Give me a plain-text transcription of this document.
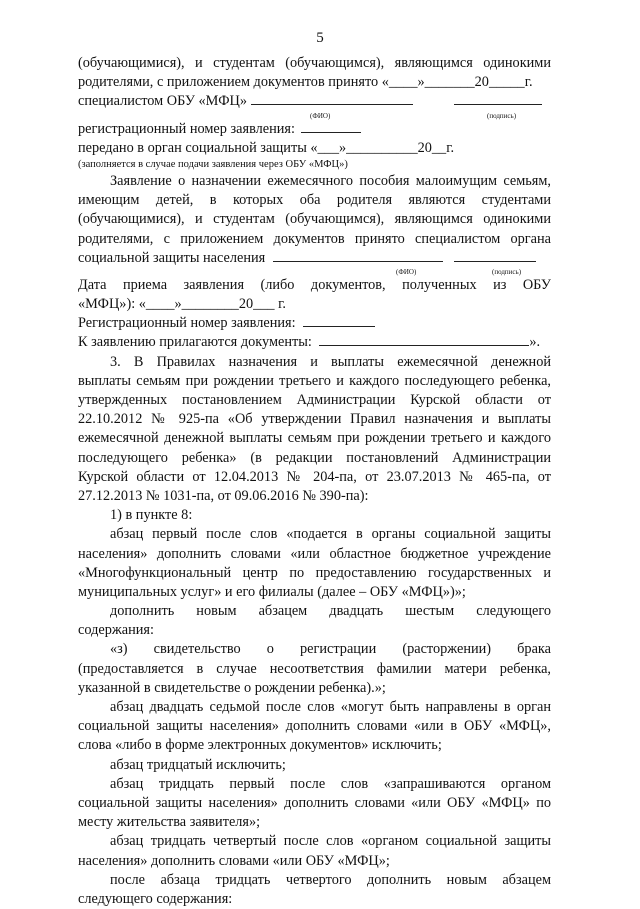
5
(обучающимися), и студентам (обучающимся), являющимся одинокими
родителями, с приложением документов принято «____»_______20_____г.
специалистом ОБУ «МФЦ»
(ФИО)	(подпись)
регистрационный номер заявления:
передано в орган социальной защиты «___»__________20__г.
(заполняется в случае подачи заявления через ОБУ «МФЦ»)
Заявление о назначении ежемесячного пособия малоимущим семьям,
имеющим детей, в которых оба родителя являются студентами
(обучающимися), и студентам (обучающимся), являющимся одинокими
родителями, с приложением документов принято специалистом органа
социальной защиты населения
(ФИО)	(подпись)
Дата приема заявления (либо документов, полученных из ОБУ
«МФЦ»): «____»________20___ г.
Регистрационный номер заявления:
К заявлению прилагаются документы:	».
3. В Правилах назначения и выплаты ежемесячной денежной
выплаты семьям при рождении третьего и каждого последующего ребенка,
утвержденных постановлением Администрации Курской области от
22.10.2012 № 925-па «Об утверждении Правил назначения и выплаты
ежемесячной денежной выплаты семьям при рождении третьего и каждого
последующего ребенка» (в редакции постановлений Администрации
Курской области от 12.04.2013 № 204-па, от 23.07.2013 № 465-па, от
27.12.2013 № 1031-па, от 09.06.2016 № 390-па):
1) в пункте 8:
абзац первый после слов «подается в органы социальной защиты
населения» дополнить словами «или областное бюджетное учреждение
«Многофункциональный центр по предоставлению государственных и
муниципальных услуг» и его филиалы (далее – ОБУ «МФЦ»)»;
дополнить новым абзацем двадцать шестым следующего
содержания:
«з) свидетельство о регистрации (расторжении) брака
(предоставляется в случае несоответствия фамилии матери ребенка,
указанной в свидетельстве о рождении ребенка).»;
абзац двадцать седьмой после слов «могут быть направлены в орган
социальной защиты населения» дополнить словами «или в ОБУ «МФЦ»,
слова «либо в форме электронных документов» исключить;
абзац тридцатый исключить;
абзац тридцать первый после слов «запрашиваются органом
социальной защиты населения» дополнить словами «или ОБУ «МФЦ» по
месту жительства заявителя»;
абзац тридцать четвертый после слов «органом социальной защиты
населения» дополнить словами «или ОБУ «МФЦ»;
после абзаца тридцать четвертого дополнить новым абзацем
следующего содержания:
